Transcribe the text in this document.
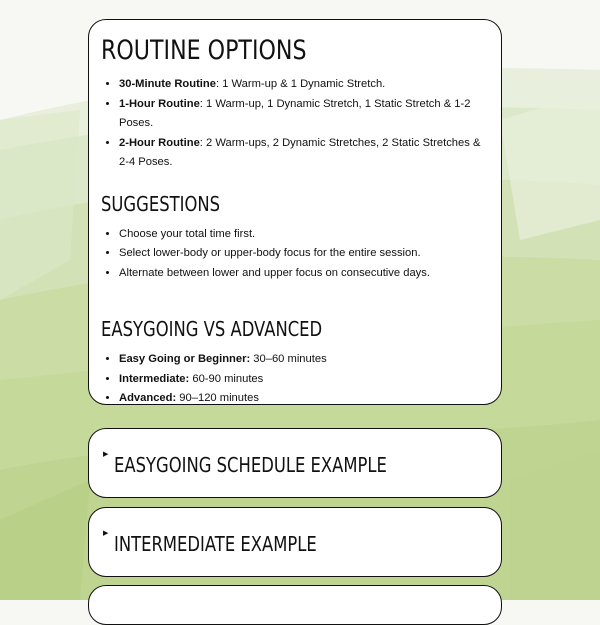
ROUTINE OPTIONS
• 30-Minute Routine: 1 Warm-up & 1 Dynamic Stretch.
• 1-Hour Routine: 1 Warm-up, 1 Dynamic Stretch, 1 Static Stretch & 1-2 Poses.
• 2-Hour Routine: 2 Warm-ups, 2 Dynamic Stretches, 2 Static Stretches & 2-4 Poses.
SUGGESTIONS
• Choose your total time first.
• Select lower-body or upper-body focus for the entire session.
• Alternate between lower and upper focus on consecutive days.
EASYGOING VS ADVANCED
• Easy Going or Beginner: 30–60 minutes
• Intermediate: 60-90 minutes
• Advanced: 90–120 minutes
▶ EASYGOING SCHEDULE EXAMPLE
▶ INTERMEDIATE EXAMPLE
